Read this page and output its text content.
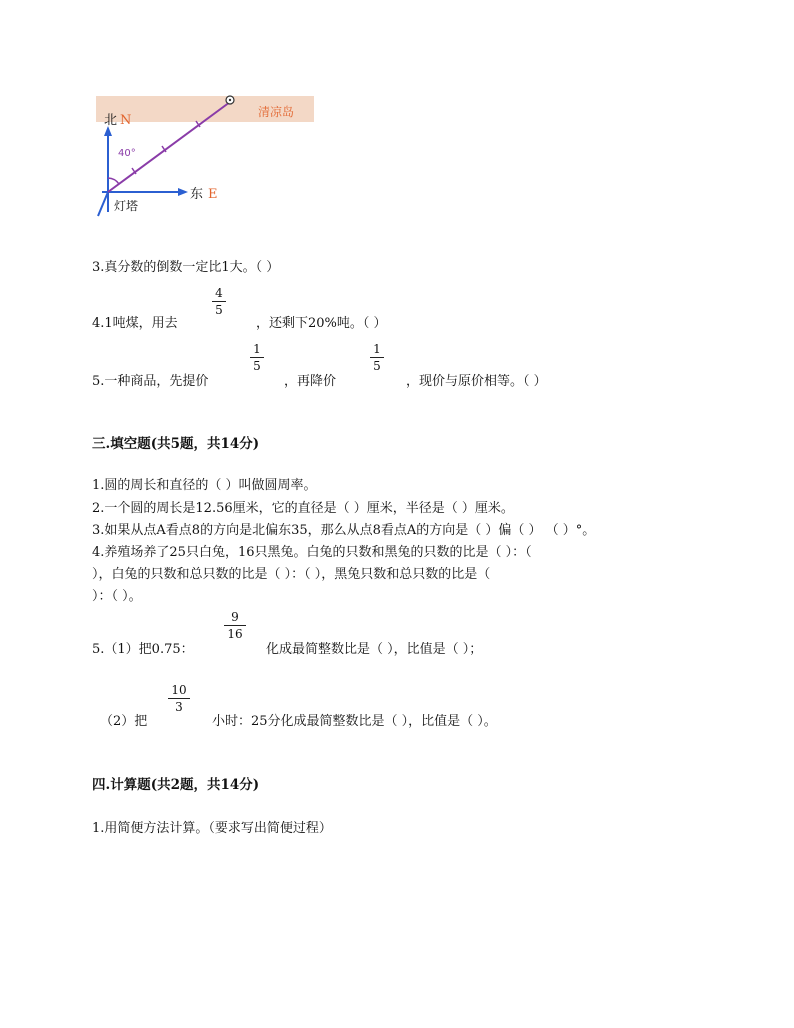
清凉岛
北 N
40°
东 E
灯塔
3.真分数的倒数一定比1大。（ ）
4.1吨煤，用去
4
5
，还剩下20%吨。（ ）
5.一种商品，先提价
1
5
，再降价
1
5
，现价与原价相等。（ ）
三.填空题(共5题，共14分)
1.圆的周长和直径的（ ）叫做圆周率。
2.一个圆的周长是12.56厘米，它的直径是（ ）厘米，半径是（ ）厘米。
3.如果从点A看点8的方向是北偏东35，那么从点8看点A的方向是（ ）偏（ ） （ ）°。
4.养殖场养了25只白兔，16只黑兔。白兔的只数和黑兔的只数的比是（ ）：（
），白兔的只数和总只数的比是（ ）：（ ），黑兔只数和总只数的比是（
）：（ ）。
5.（1）把0.75：
9
16
化成最简整数比是（ ），比值是（ ）；
（2）把
10
3
小时：25分化成最简整数比是（ ），比值是（ ）。
四.计算题(共2题，共14分)
1.用简便方法计算。（要求写出简便过程）
